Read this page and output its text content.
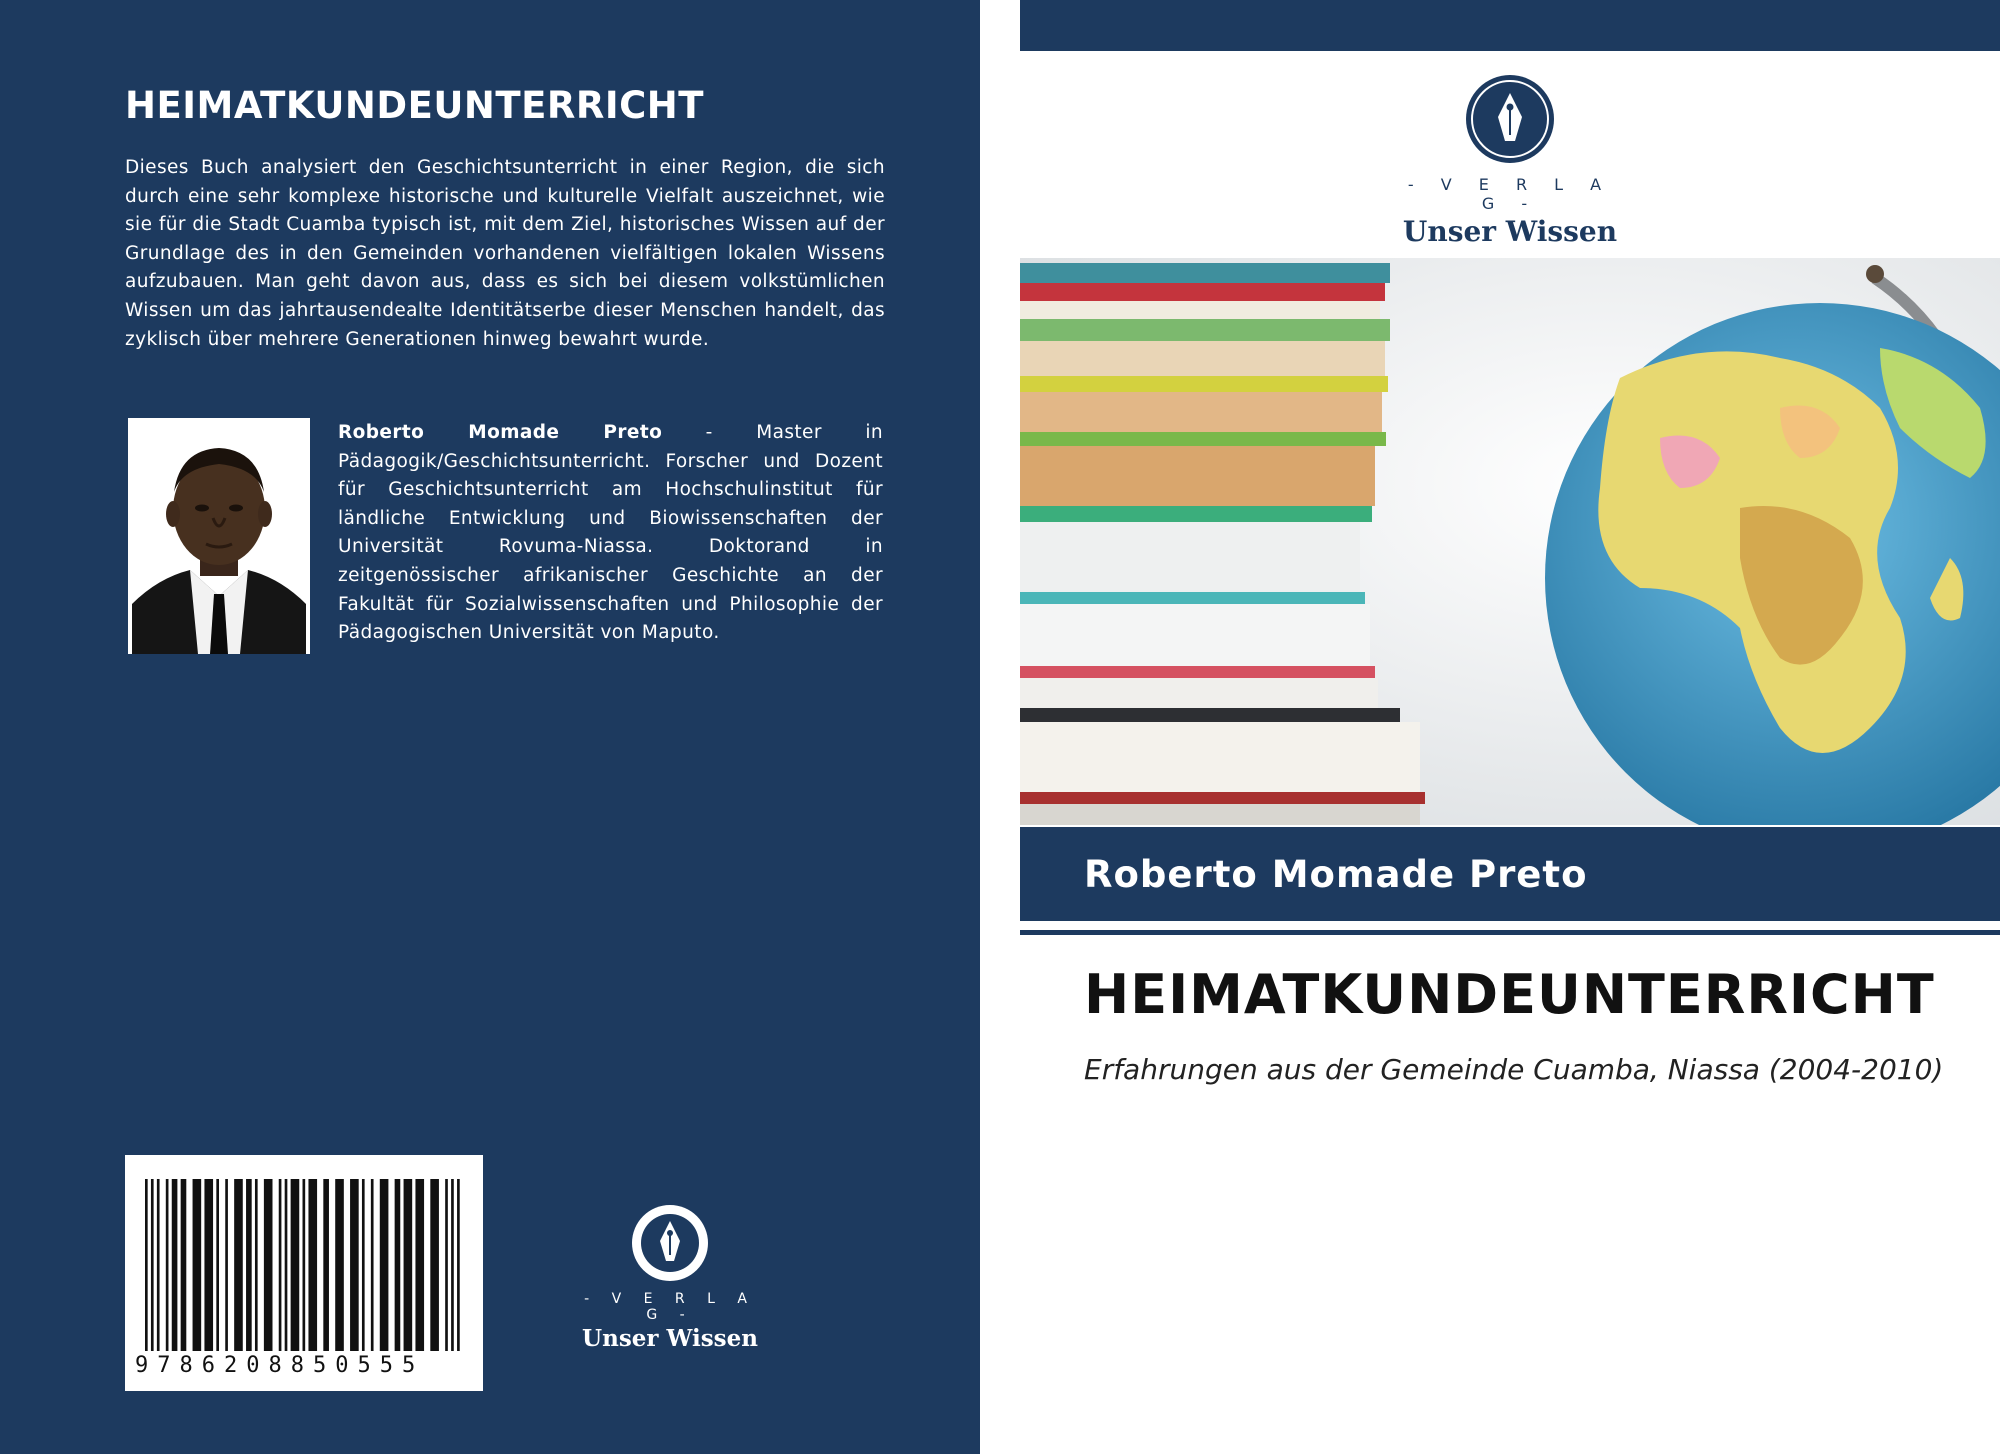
HEIMATKUNDEUNTERRICHT

Dieses Buch analysiert den Geschichtsunterricht in einer Region, die sich durch eine sehr komplexe historische und kulturelle Vielfalt auszeichnet, wie sie für die Stadt Cuamba typisch ist, mit dem Ziel, historisches Wissen auf der Grundlage des in den Gemeinden vorhandenen vielfältigen lokalen Wissens aufzubauen. Man geht davon aus, dass es sich bei diesem volkstümlichen Wissen um das jahrtausendealte Identitätserbe dieser Menschen handelt, das zyklisch über mehrere Generationen hinweg bewahrt wurde.

Roberto Momade Preto - Master in Pädagogik/Geschichtsunterricht. Forscher und Dozent für Geschichtsunterricht am Hochschulinstitut für ländliche Entwicklung und Biowissenschaften der Universität Rovuma-Niassa. Doktorand in zeitgenössischer afrikanischer Geschichte an der Fakultät für Sozialwissenschaften und Philosophie der Pädagogischen Universität von Maputo.

9786208850555
- V E R L A G -
Unser Wissen
- V E R L A G -
Unser Wissen
Roberto Momade Preto
HEIMATKUNDEUNTERRICHT

Erfahrungen aus der Gemeinde Cuamba, Niassa (2004-2010)
